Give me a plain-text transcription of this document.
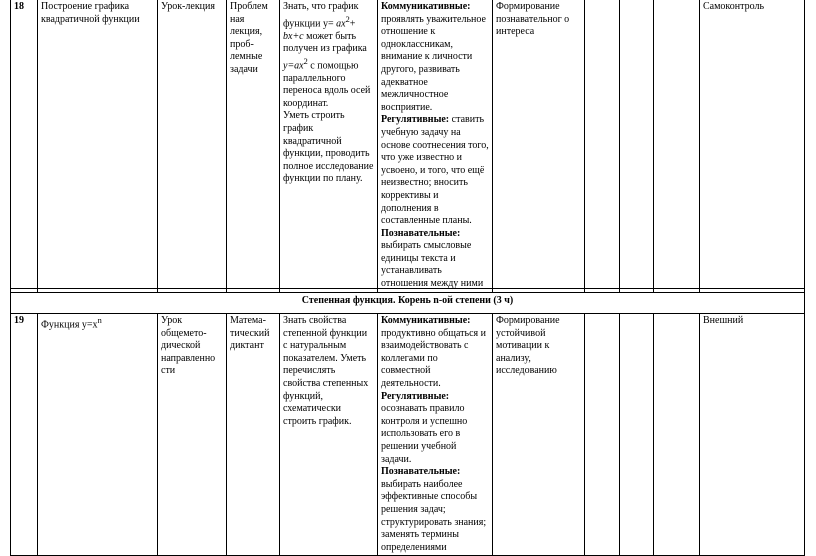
18	Построение графика квадратичной функции	Урок-лекция	Проблем ная лекция, проб-лемные задачи	Знать, что график функции $у= ax^2+$
bx+c может быть получен из графика $y=ax^2$ с помощью параллельного переноса вдоль осей координат.
Уметь строить график квадратичной функции, проводить полное исследование функции по плану.	Коммуникативные:
проявлять уважительное отношение к одноклассникам, внимание к личности другого, развивать адекватное межличностное восприятие.
Регулятивные: ставить учебную задачу на основе соотнесения того, что уже известно и усвоено, и того, что ещё неизвестно; вносить коррективы и дополнения в составленные планы.
Познавательные:
выбирать смысловые единицы текста и устанавливать отношения между ними	Формирование познавательног о интереса				Самоконтроль
Степенная функция. Корень n-ой степени (3 ч)
19	Функция $у=х^n$	Урок общемето-дической направленно сти	Матема-тический диктант	Знать свойства степенной функции с натуральным показателем. Уметь перечислять свойства степенных функций, схематически строить график.	Коммуникативные:
продуктивно общаться и взаимодействовать с коллегами по совместной деятельности.
Регулятивные:
осознавать правило контроля и успешно использовать его в решении учебной задачи.
Познавательные:
выбирать наиболее эффективные способы решения задач; структурировать знания; заменять термины определениями	Формирование устойчивой мотивации к анализу, исследованию				Внешний
